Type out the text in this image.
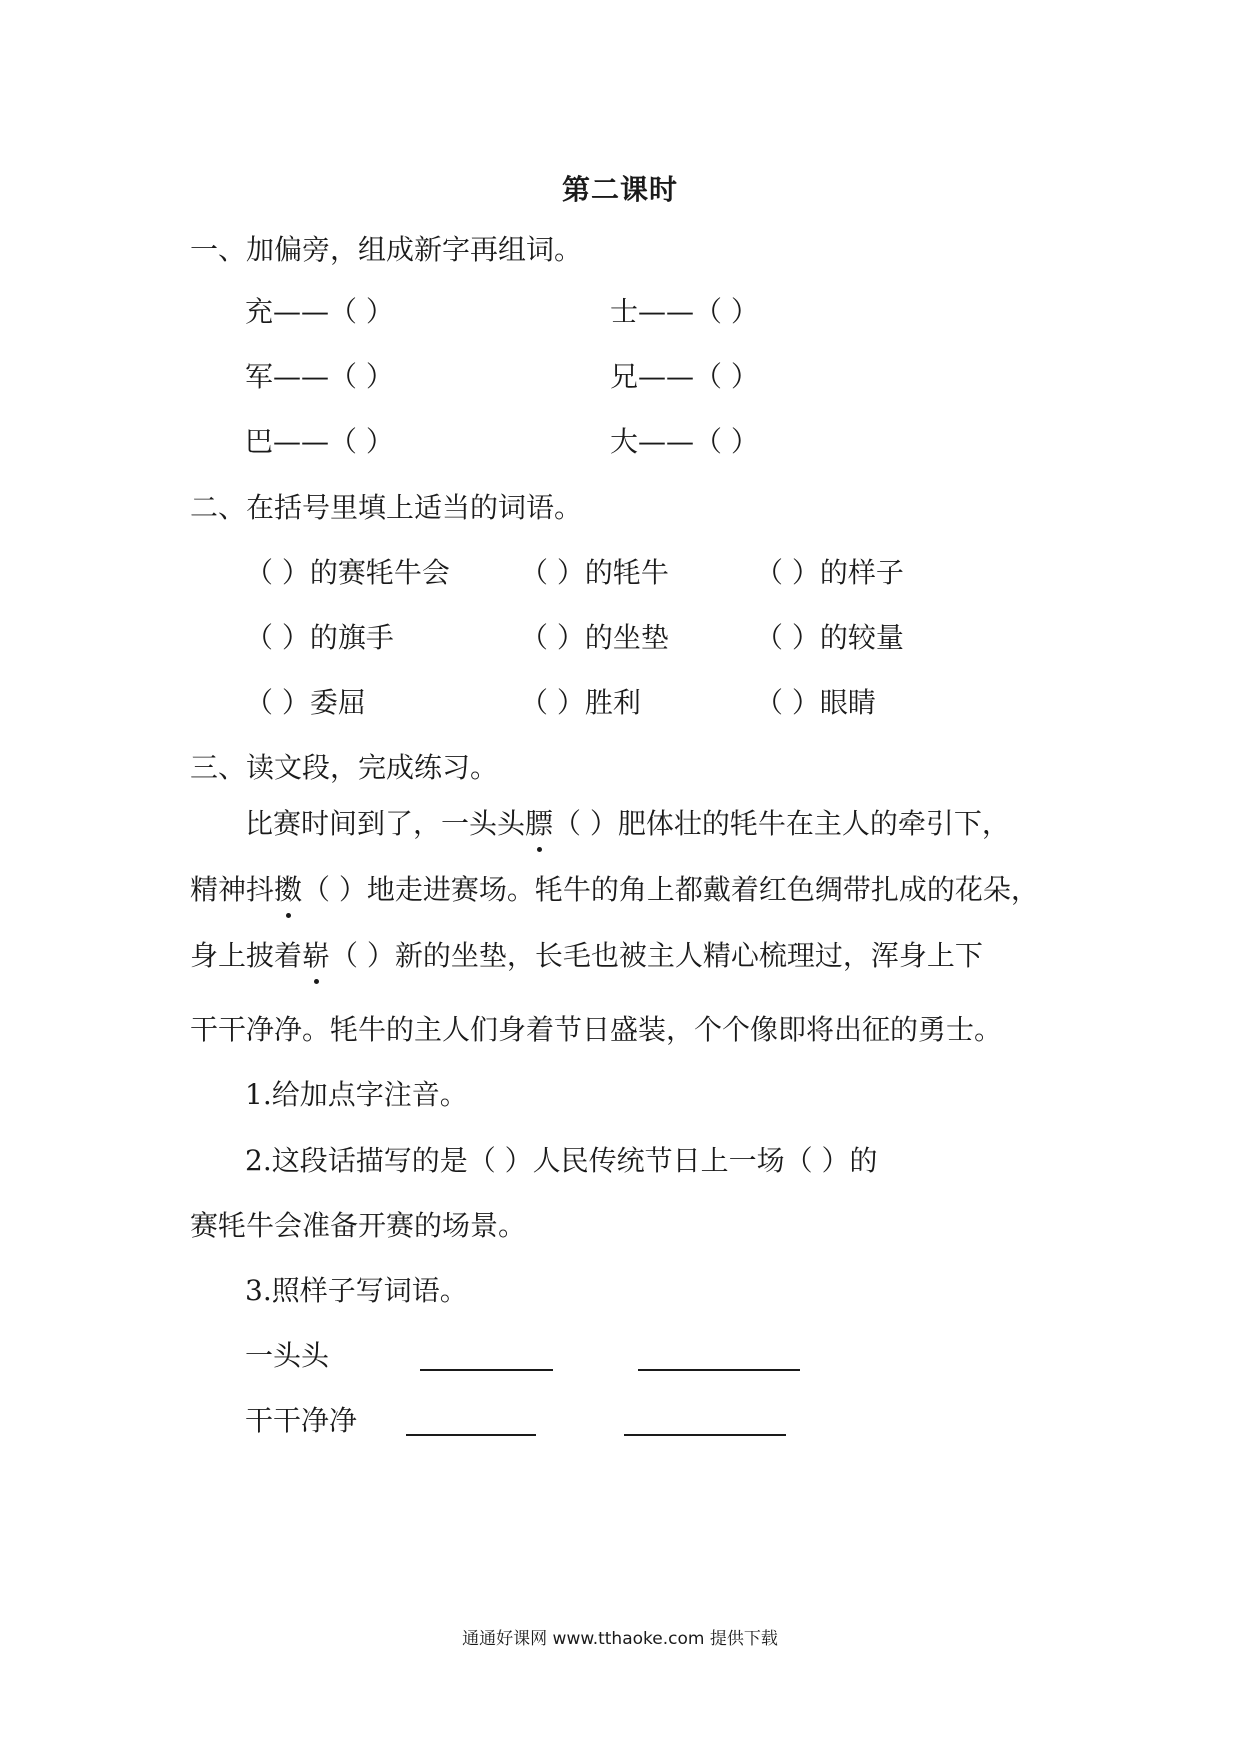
第二课时
一、加偏旁，组成新字再组词。
充——（ ）	士——（ ）
军——（ ）	兄——（ ）
巴——（ ）	大——（ ）
二、在括号里填上适当的词语。
（ ）的赛牦牛会	（ ）的牦牛	（ ）的样子
（ ）的旗手	（ ）的坐垫	（ ）的较量
（ ）委屈	（ ）胜利	（ ）眼睛
三、读文段，完成练习。
比赛时间到了，一头头膘（ ）肥体壮的牦牛在主人的牵引下，
精神抖擞（ ）地走进赛场。牦牛的角上都戴着红色绸带扎成的花朵，
身上披着崭（ ）新的坐垫，长毛也被主人精心梳理过，浑身上下
干干净净。牦牛的主人们身着节日盛装，个个像即将出征的勇士。
1.给加点字注音。
2.这段话描写的是（ ）人民传统节日上一场（ ）的
赛牦牛会准备开赛的场景。
3.照样子写词语。
一头头
干干净净
通通好课网 www.tthaoke.com 提供下载
